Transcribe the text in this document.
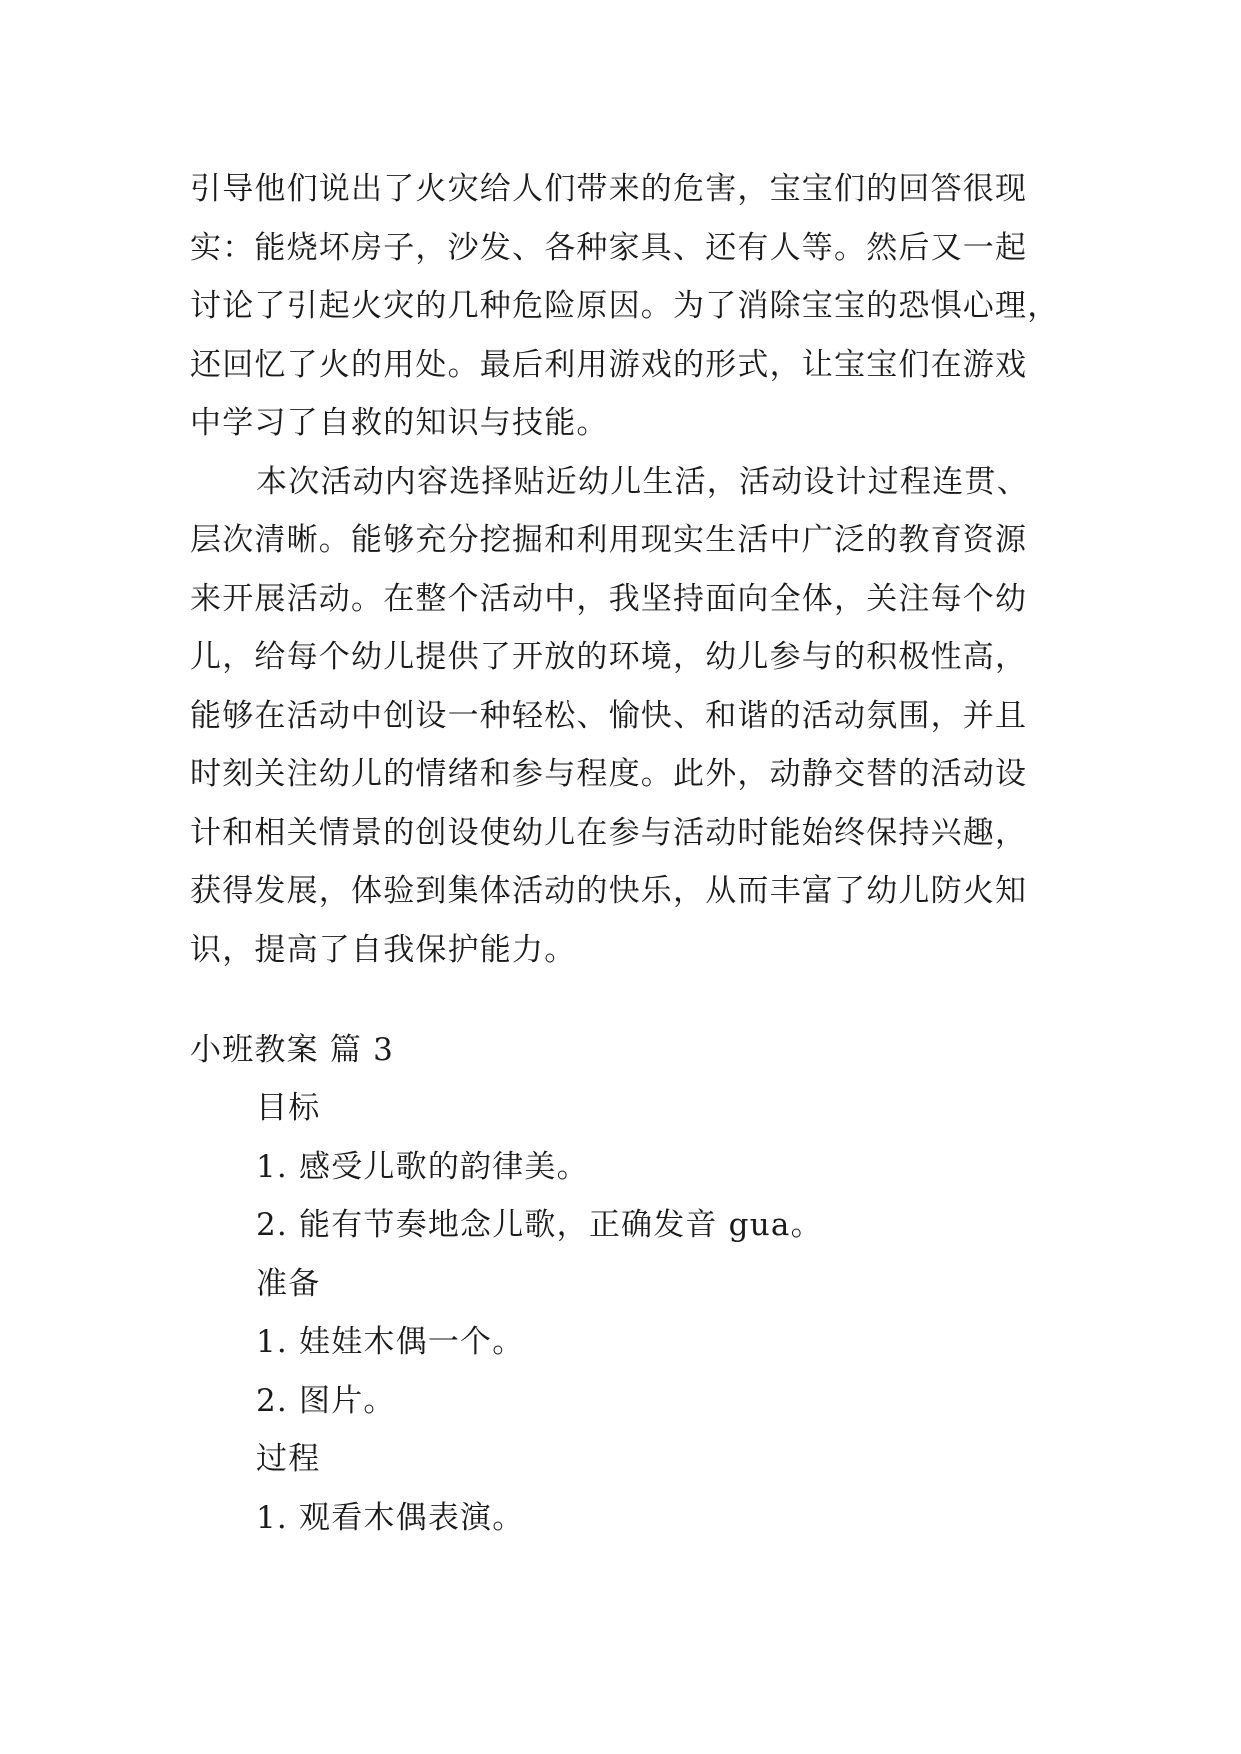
引导他们说出了火灾给人们带来的危害，宝宝们的回答很现
实：能烧坏房子，沙发、各种家具、还有人等。然后又一起
讨论了引起火灾的几种危险原因。为了消除宝宝的恐惧心理，
还回忆了火的用处。最后利用游戏的形式，让宝宝们在游戏
中学习了自救的知识与技能。
本次活动内容选择贴近幼儿生活，活动设计过程连贯、
层次清晰。能够充分挖掘和利用现实生活中广泛的教育资源
来开展活动。在整个活动中，我坚持面向全体，关注每个幼
儿，给每个幼儿提供了开放的环境，幼儿参与的积极性高，
能够在活动中创设一种轻松、愉快、和谐的活动氛围，并且
时刻关注幼儿的情绪和参与程度。此外，动静交替的活动设
计和相关情景的创设使幼儿在参与活动时能始终保持兴趣，
获得发展，体验到集体活动的快乐，从而丰富了幼儿防火知
识，提高了自我保护能力。
小班教案 篇 3
目标
1. 感受儿歌的韵律美。
2. 能有节奏地念儿歌，正确发音 gua。
准备
1. 娃娃木偶一个。
2. 图片。
过程
1. 观看木偶表演。
